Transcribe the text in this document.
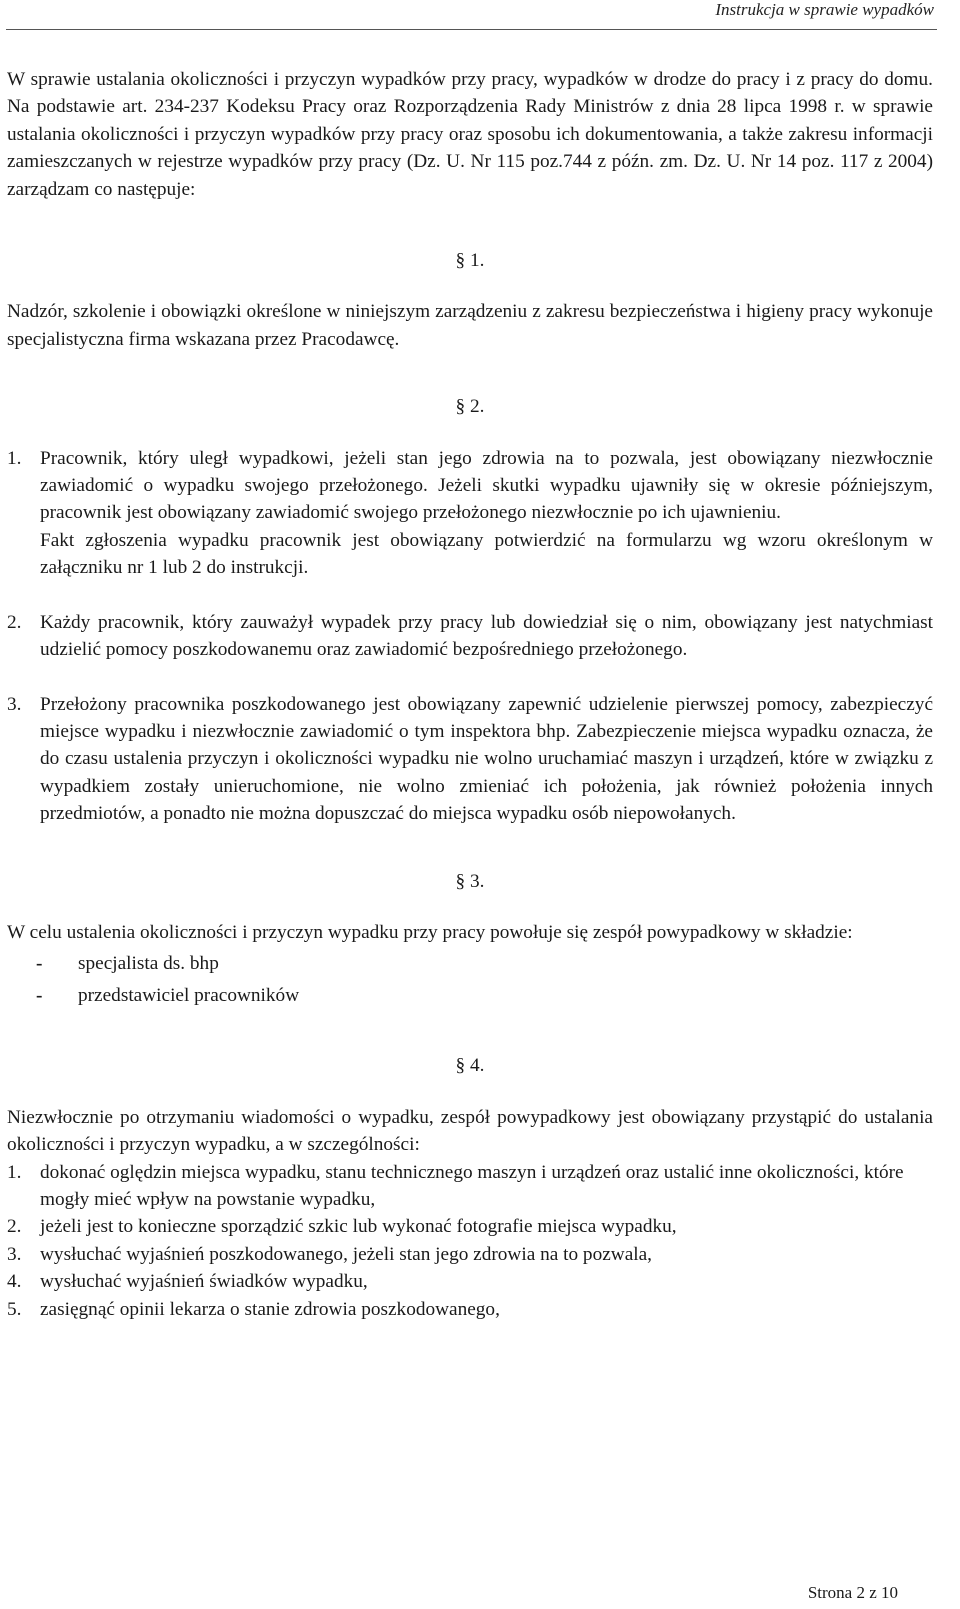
Instrukcja w sprawie wypadków

W sprawie ustalania okoliczności i przyczyn wypadków przy pracy, wypadków w drodze do pracy i z pracy do domu. Na podstawie art. 234-237 Kodeksu Pracy oraz Rozporządzenia Rady Ministrów z dnia 28 lipca 1998 r. w sprawie ustalania okoliczności i przyczyn wypadków przy pracy oraz sposobu ich dokumentowania, a także zakresu informacji zamieszczanych w rejestrze wypadków przy pracy (Dz. U. Nr 115 poz.744 z późn. zm. Dz. U. Nr 14 poz. 117 z 2004) zarządzam co następuje:

§ 1.

Nadzór, szkolenie i obowiązki określone w niniejszym zarządzeniu z zakresu bezpieczeństwa i higieny pracy wykonuje specjalistyczna firma wskazana przez Pracodawcę.

§ 2.
1. Pracownik, który uległ wypadkowi, jeżeli stan jego zdrowia na to pozwala, jest obowiązany niezwłocznie zawiadomić o wypadku swojego przełożonego. Jeżeli skutki wypadku ujawniły się w okresie późniejszym, pracownik jest obowiązany zawiadomić swojego przełożonego niezwłocznie po ich ujawnieniu.
Fakt zgłoszenia wypadku pracownik jest obowiązany potwierdzić na formularzu wg wzoru określonym w załączniku nr 1 lub 2 do instrukcji.
2. Każdy pracownik, który zauważył wypadek przy pracy lub dowiedział się o nim, obowiązany jest natychmiast udzielić pomocy poszkodowanemu oraz zawiadomić bezpośredniego przełożonego.
3. Przełożony pracownika poszkodowanego jest obowiązany zapewnić udzielenie pierwszej pomocy, zabezpieczyć miejsce wypadku i niezwłocznie zawiadomić o tym inspektora bhp. Zabezpieczenie miejsca wypadku oznacza, że do czasu ustalenia przyczyn i okoliczności wypadku nie wolno uruchamiać maszyn i urządzeń, które w związku z wypadkiem zostały unieruchomione, nie wolno zmieniać ich położenia, jak również położenia innych przedmiotów, a ponadto nie można dopuszczać do miejsca wypadku osób niepowołanych.
§ 3.

W celu ustalenia okoliczności i przyczyn wypadku przy pracy powołuje się zespół powypadkowy w składzie:

-	specjalista ds. bhp
-	przedstawiciel pracowników
§ 4.

Niezwłocznie po otrzymaniu wiadomości o wypadku, zespół powypadkowy jest obowiązany przystąpić do ustalania okoliczności i przyczyn wypadku, a w szczególności:

1. dokonać oględzin miejsca wypadku, stanu technicznego maszyn i urządzeń oraz ustalić inne okoliczności, które mogły mieć wpływ na powstanie wypadku,
2. jeżeli jest to konieczne sporządzić szkic lub wykonać fotografie miejsca wypadku,
3. wysłuchać wyjaśnień poszkodowanego, jeżeli stan jego zdrowia na to pozwala,
4. wysłuchać wyjaśnień świadków wypadku,
5. zasięgnąć opinii lekarza o stanie zdrowia poszkodowanego,
Strona 2 z 10
